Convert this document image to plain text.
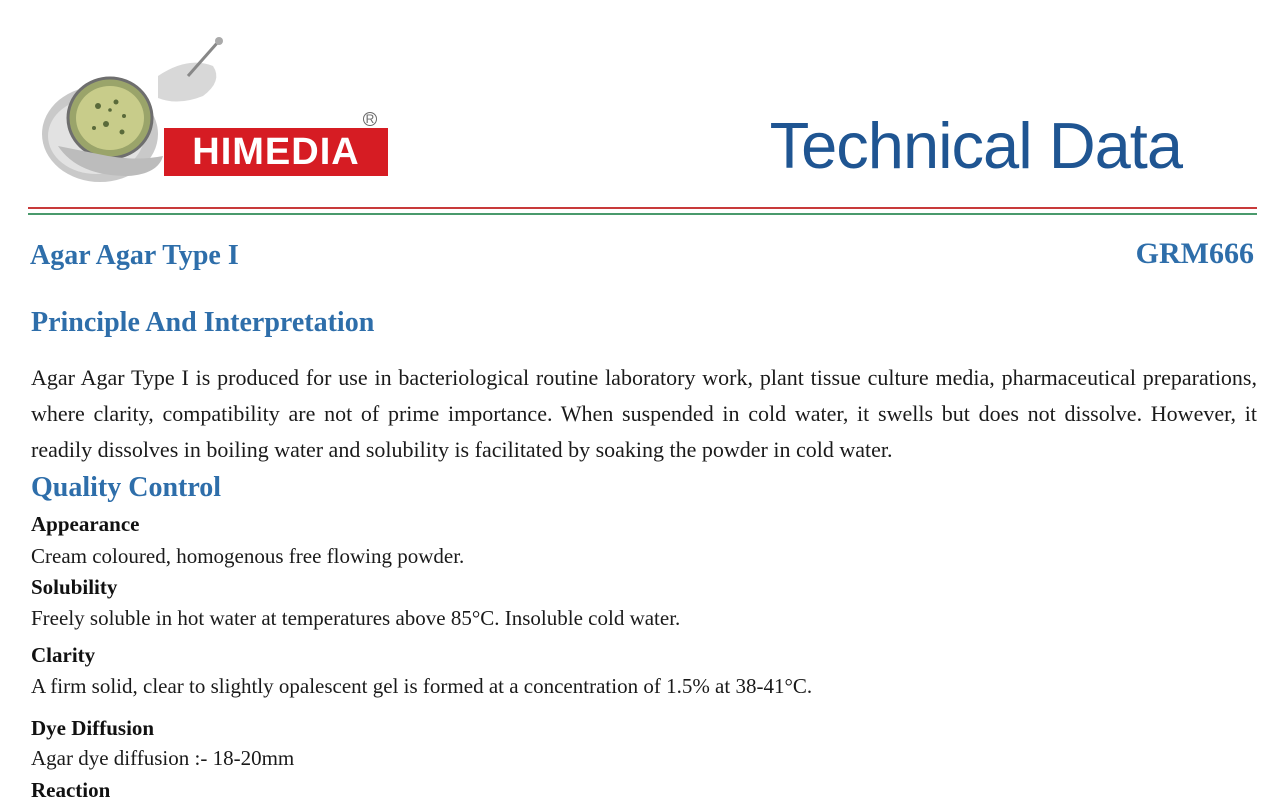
HIMEDIA
R	Technical Data
Agar Agar Type I	GRM666
Principle And Interpretation
Agar Agar Type I is produced for use in bacteriological routine laboratory work, plant tissue culture media, pharmaceutical preparations, where clarity, compatibility are not of prime importance. When suspended in cold water, it swells but does not dissolve. However, it readily dissolves in boiling water and solubility is facilitated by soaking the powder in cold water.
Quality Control
Appearance
Cream coloured, homogenous free flowing powder.
Solubility
Freely soluble in hot water at temperatures above 85°C. Insoluble cold water.
Clarity
A firm solid, clear to slightly opalescent gel is formed at a concentration of 1.5% at 38-41°C.
Dye Diffusion
Agar dye diffusion :- 18-20mm
Reaction
